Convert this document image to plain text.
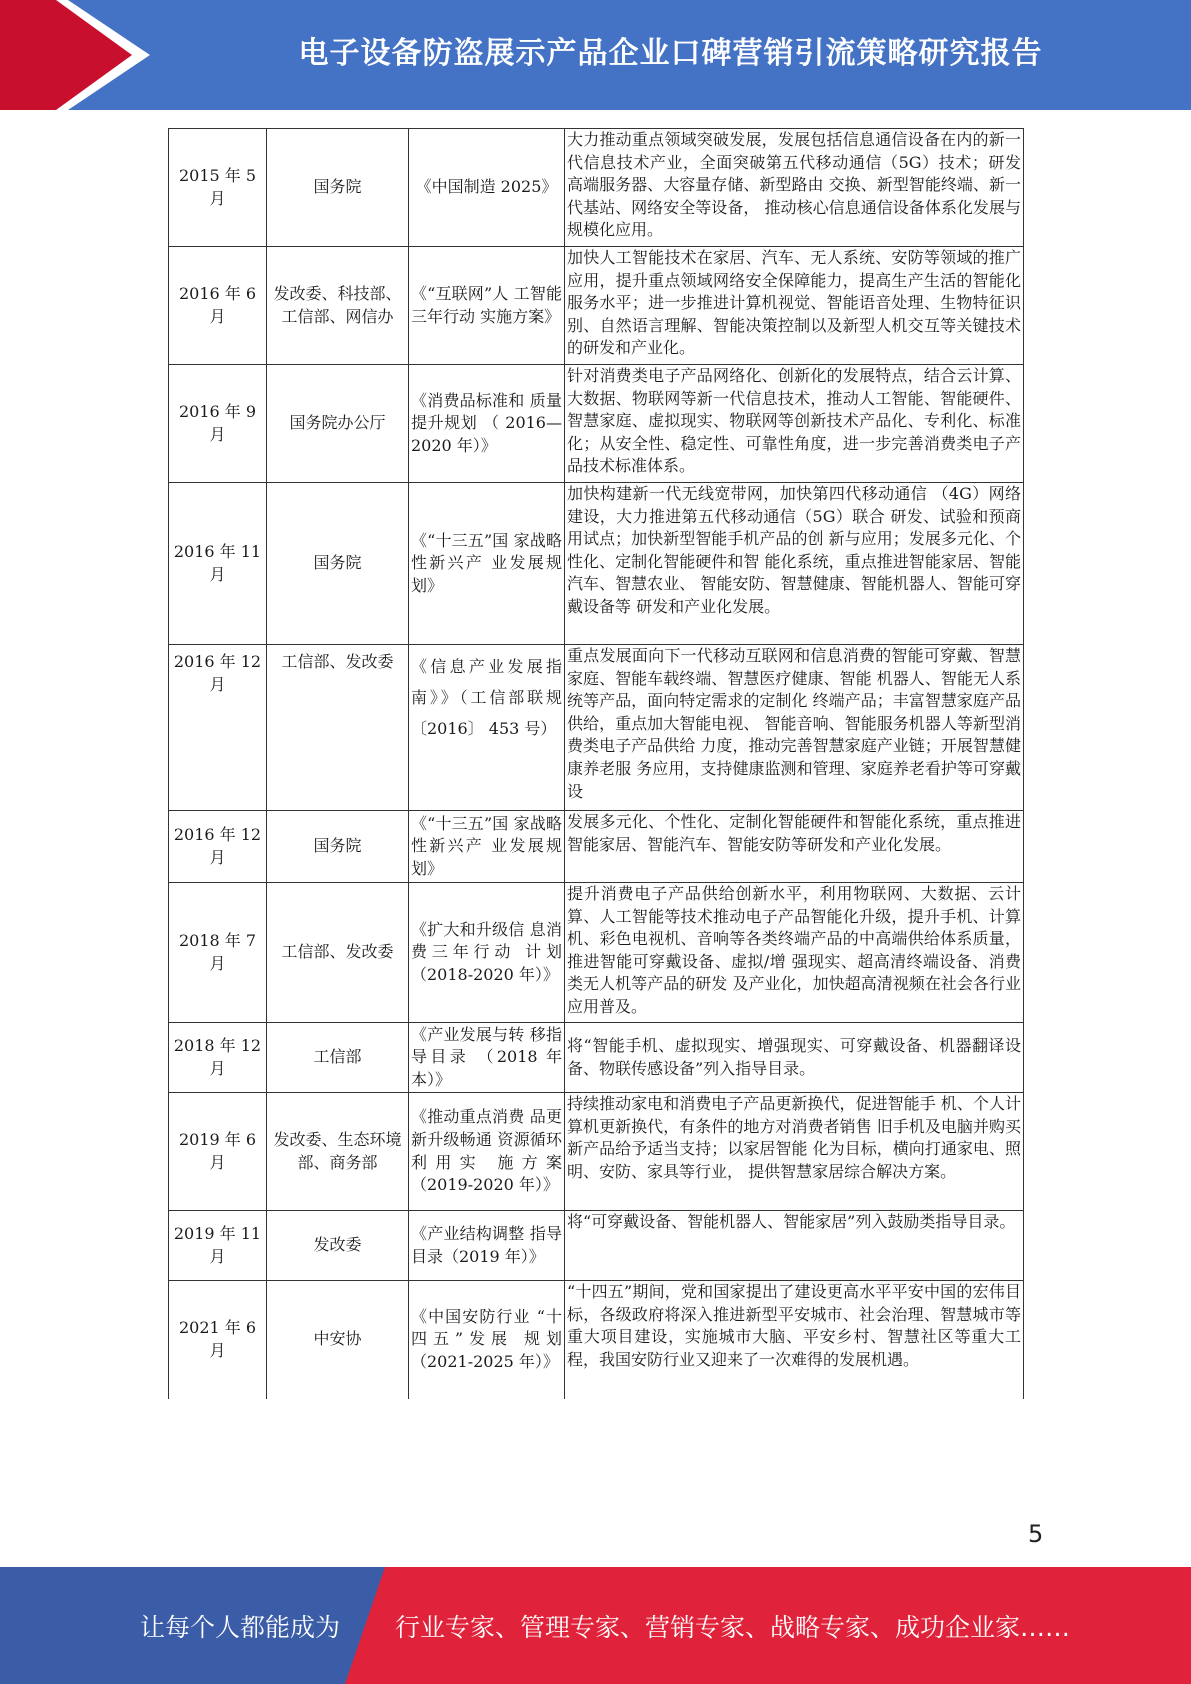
电子设备防盗展示产品企业口碑营销引流策略研究报告
2015 年 5 月	国务院	《中国制造 2025》	大力推动重点领域突破发展，发展包括信息通信设备在内的新一代信息技术产业，全面突破第五代移动通信（5G）技术；研发高端服务器、大容量存储、新型路由 交换、新型智能终端、新一代基站、网络安全等设备， 推动核心信息通信设备体系化发展与规模化应用。
2016 年 6 月	发改委、科技部、工信部、网信办	《“互联网”人 工智能三年行动 实施方案》	加快人工智能技术在家居、汽车、无人系统、安防等领域的推广应用，提升重点领域网络安全保障能力，提高生产生活的智能化服务水平；进一步推进计算机视觉、智能语音处理、生物特征识别、自然语言理解、智能决策控制以及新型人机交互等关键技术的研发和产业化。
2016 年 9 月	国务院办公厅	《消费品标准和 质量提升规划 （ 2016—2020 年）》	针对消费类电子产品网络化、创新化的发展特点，结合云计算、大数据、物联网等新一代信息技术，推动人工智能、智能硬件、智慧家庭、虚拟现实、物联网等创新技术产品化、专利化、标准化；从安全性、稳定性、可靠性角度，进一步完善消费类电子产品技术标准体系。
2016 年 11 月	国务院	《“十三五”国 家战略性新兴产 业发展规划》	加快构建新一代无线宽带网，加快第四代移动通信 （4G）网络建设，大力推进第五代移动通信（5G）联合 研发、试验和预商用试点；加快新型智能手机产品的创 新与应用；发展多元化、个性化、定制化智能硬件和智 能化系统，重点推进智能家居、智能汽车、智慧农业、 智能安防、智慧健康、智能机器人、智能可穿戴设备等 研发和产业化发展。
2016 年 12 月	工信部、发改委	《信息产业发展指南》》（工信部联规〔2016〕 453 号）	重点发展面向下一代移动互联网和信息消费的智能可穿戴、智慧家庭、智能车载终端、智慧医疗健康、智能 机器人、智能无人系统等产品，面向特定需求的定制化 终端产品；丰富智慧家庭产品供给，重点加大智能电视、 智能音响、智能服务机器人等新型消费类电子产品供给 力度，推动完善智慧家庭产业链；开展智慧健康养老服 务应用，支持健康监测和管理、家庭养老看护等可穿戴 设
2016 年 12 月	国务院	《“十三五”国 家战略性新兴产 业发展规划》	发展多元化、个性化、定制化智能硬件和智能化系统，重点推进智能家居、智能汽车、智能安防等研发和产业化发展。
2018 年 7 月	工信部、发改委	《扩大和升级信 息消费三年行动 计划（2018-2020 年）》	提升消费电子产品供给创新水平，利用物联网、大数据、云计算、人工智能等技术推动电子产品智能化升级，提升手机、计算机、彩色电视机、音响等各类终端产品的中高端供给体系质量，推进智能可穿戴设备、虚拟/增 强现实、超高清终端设备、消费类无人机等产品的研发 及产业化，加快超高清视频在社会各行业应用普及。
2018 年 12 月	工信部	《产业发展与转 移指导目录 （2018 年本）》	将“智能手机、虚拟现实、增强现实、可穿戴设备、机器翻译设备、物联传感设备”列入指导目录。
2019 年 6 月	发改委、生态环境部、商务部	《推动重点消费 品更新升级畅通 资源循环利用实 施方案（2019-2020 年）》	持续推动家电和消费电子产品更新换代，促进智能手 机、个人计算机更新换代，有条件的地方对消费者销售 旧手机及电脑并购买新产品给予适当支持；以家居智能 化为目标，横向打通家电、照明、安防、家具等行业， 提供智慧家居综合解决方案。
2019 年 11 月	发改委	《产业结构调整 指导目录（2019 年）》	将“可穿戴设备、智能机器人、智能家居”列入鼓励类指导目录。
2021 年 6 月	中安协	《中国安防行业 “十四五”发展 规划（2021-2025 年）》	“十四五”期间，党和国家提出了建设更高水平平安中国的宏伟目标，各级政府将深入推进新型平安城市、社会治理、智慧城市等重大项目建设，实施城市大脑、平安乡村、智慧社区等重大工程，我国安防行业又迎来了一次难得的发展机遇。
5
让每个人都能成为 行业专家、管理专家、营销专家、战略专家、成功企业家……
